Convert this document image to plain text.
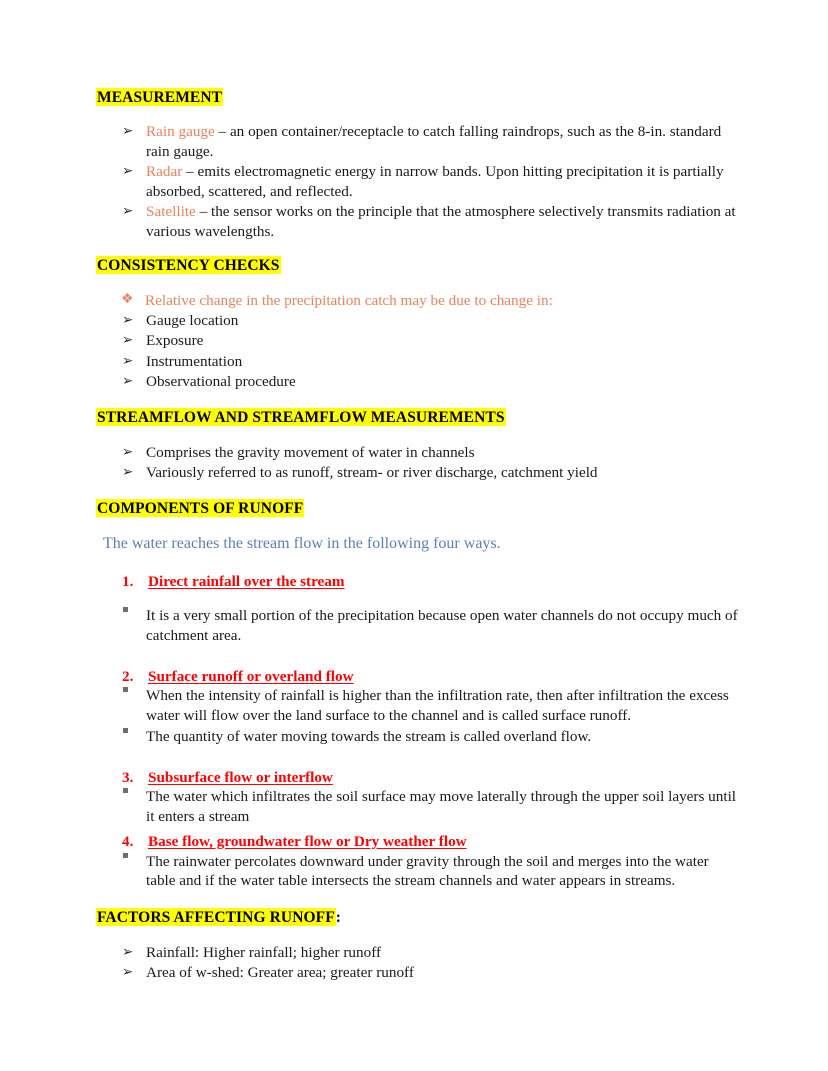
MEASUREMENT
➢ Rain gauge – an open container/receptacle to catch falling raindrops, such as the 8-in. standard rain gauge.
➢ Radar – emits electromagnetic energy in narrow bands. Upon hitting precipitation it is partially absorbed, scattered, and reflected.
➢ Satellite – the sensor works on the principle that the atmosphere selectively transmits radiation at various wavelengths.
CONSISTENCY CHECKS
❖ Relative change in the precipitation catch may be due to change in:
➢ Gauge location
➢ Exposure
➢ Instrumentation
➢ Observational procedure
STREAMFLOW AND STREAMFLOW MEASUREMENTS
➢ Comprises the gravity movement of water in channels
➢ Variously referred to as runoff, stream- or river discharge, catchment yield
COMPONENTS OF RUNOFF

The water reaches the stream flow in the following four ways.

1. Direct rainfall over the stream
It is a very small portion of the precipitation because open water channels do not occupy much of catchment area.
2. Surface runoff or overland flow
When the intensity of rainfall is higher than the infiltration rate, then after infiltration the excess water will flow over the land surface to the channel and is called surface runoff.
The quantity of water moving towards the stream is called overland flow.
3. Subsurface flow or interflow
The water which infiltrates the soil surface may move laterally through the upper soil layers until it enters a stream
4. Base flow, groundwater flow or Dry weather flow
The rainwater percolates downward under gravity through the soil and merges into the water table and if the water table intersects the stream channels and water appears in streams.
FACTORS AFFECTING RUNOFF:
➢ Rainfall: Higher rainfall; higher runoff
➢ Area of w-shed: Greater area; greater runoff
